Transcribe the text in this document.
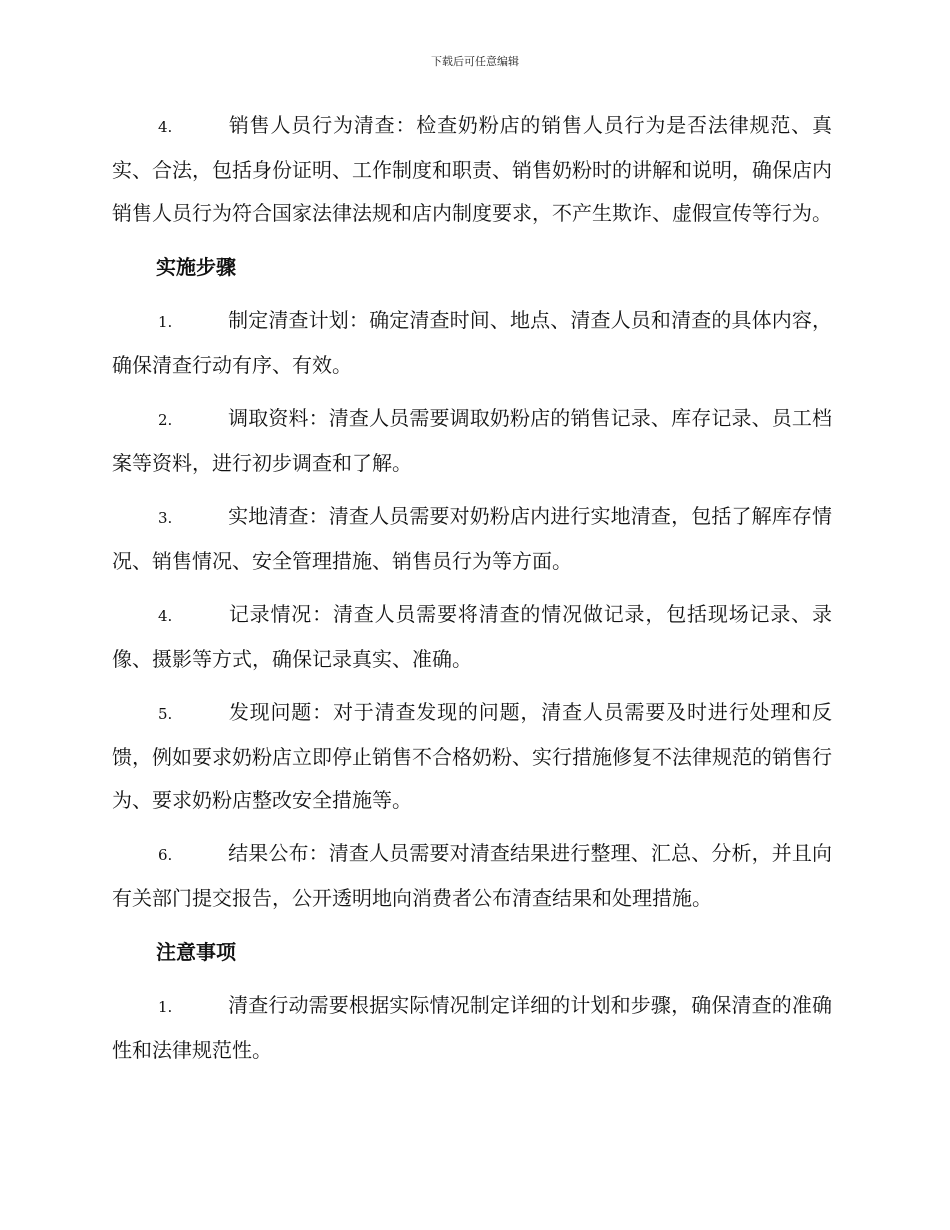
下载后可任意编辑

4.	销售人员行为清查：检查奶粉店的销售人员行为是否法律规范、真实、合法，包括身份证明、工作制度和职责、销售奶粉时的讲解和说明，确保店内销售人员行为符合国家法律法规和店内制度要求，不产生欺诈、虚假宣传等行为。

实施步骤

1.	制定清查计划：确定清查时间、地点、清查人员和清查的具体内容，确保清查行动有序、有效。

2.	调取资料：清查人员需要调取奶粉店的销售记录、库存记录、员工档案等资料，进行初步调查和了解。

3.	实地清查：清查人员需要对奶粉店内进行实地清查，包括了解库存情况、销售情况、安全管理措施、销售员行为等方面。

4.	记录情况：清查人员需要将清查的情况做记录，包括现场记录、录像、摄影等方式，确保记录真实、准确。

5.	发现问题：对于清查发现的问题，清查人员需要及时进行处理和反馈，例如要求奶粉店立即停止销售不合格奶粉、实行措施修复不法律规范的销售行为、要求奶粉店整改安全措施等。

6.	结果公布：清查人员需要对清查结果进行整理、汇总、分析，并且向有关部门提交报告，公开透明地向消费者公布清查结果和处理措施。

注意事项

1.	清查行动需要根据实际情况制定详细的计划和步骤，确保清查的准确性和法律规范性。
